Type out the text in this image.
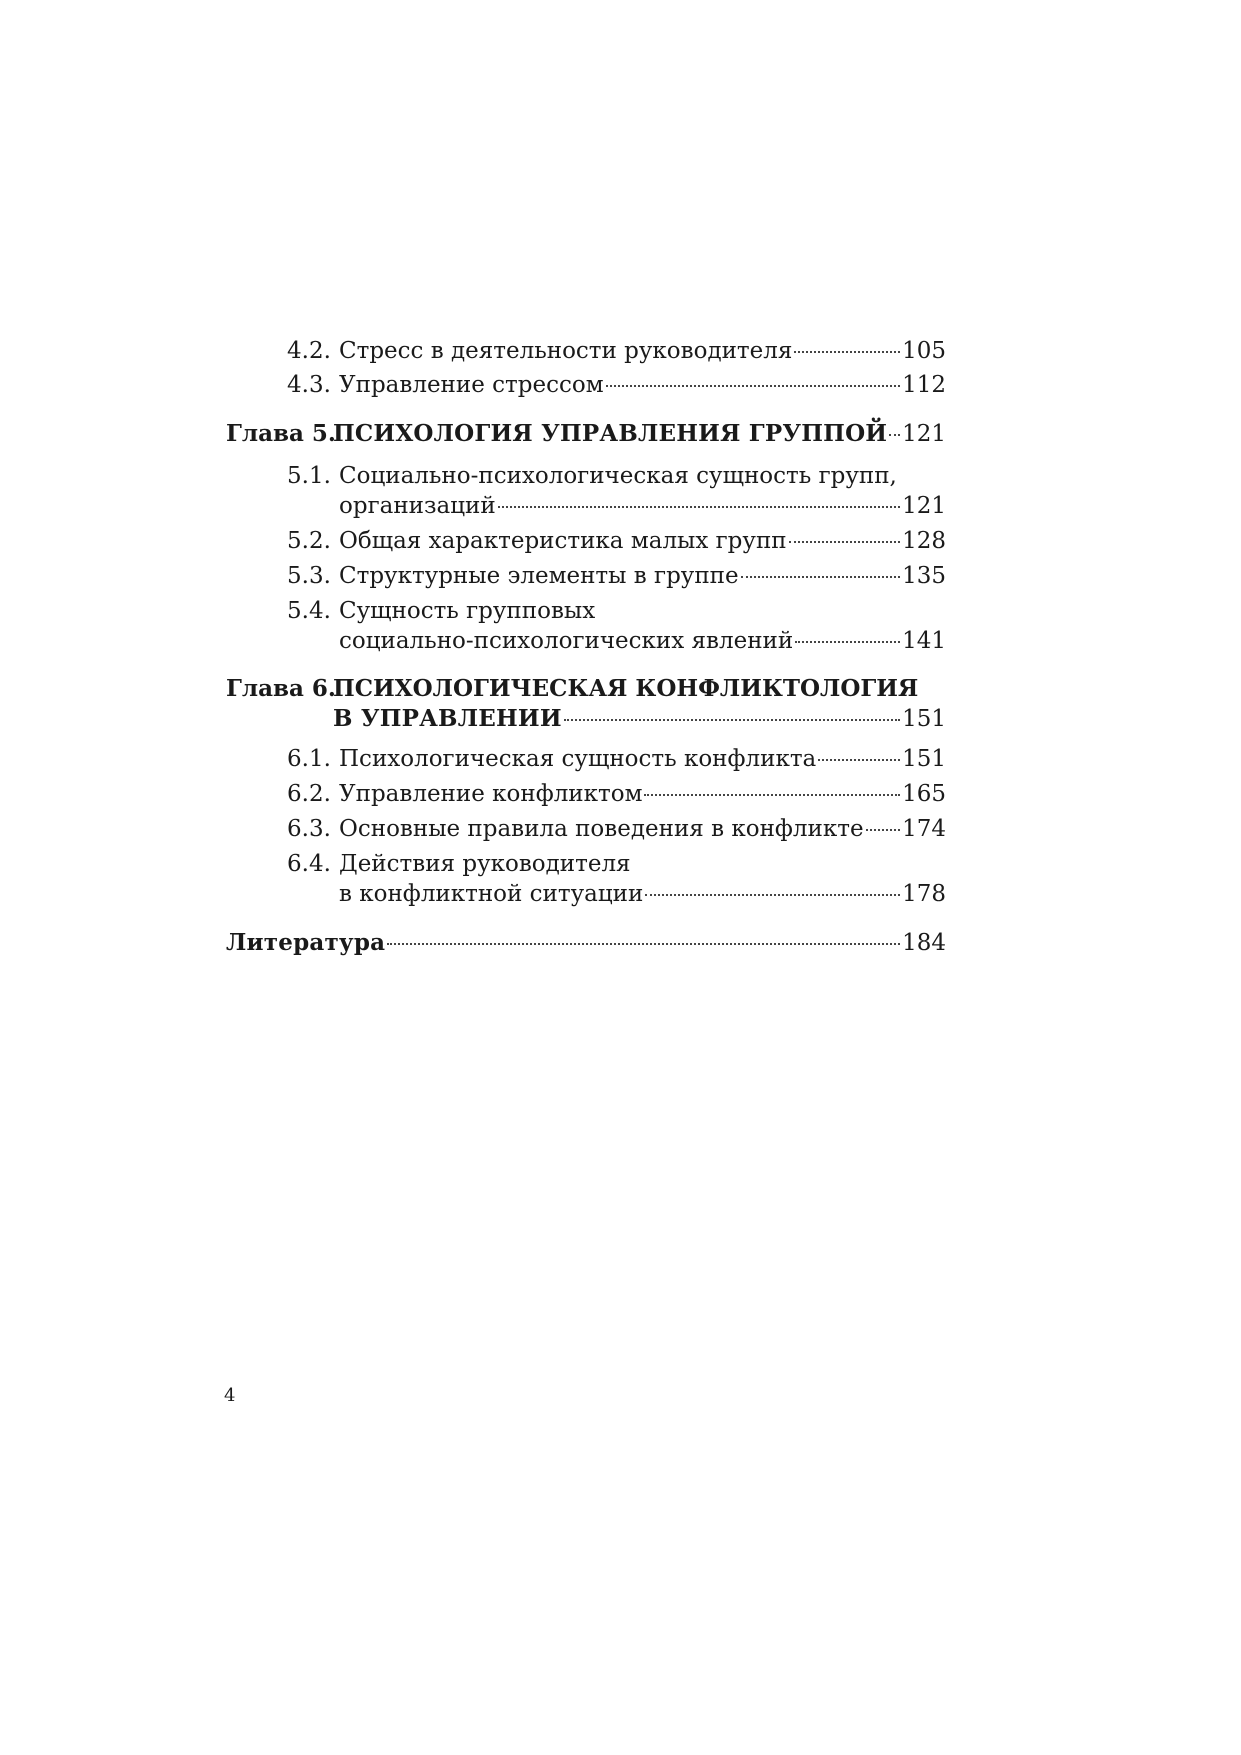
4.2. Стресс в деятельности руководителя	105
4.3. Управление стрессом	112
Глава 5.
ПСИХОЛОГИЯ УПРАВЛЕНИЯ ГРУППОЙ 121
5.1. Социально-психологическая сущность групп,
организаций	121
5.2. Общая характеристика малых групп	128
5.3. Структурные элементы в группе	135
5.4. Сущность групповых
социально-психологических явлений	141
Глава 6.
ПСИХОЛОГИЧЕСКАЯ КОНФЛИКТОЛОГИЯ
В УПРАВЛЕНИИ	151
6.1. Психологическая сущность конфликта	151
6.2. Управление конфликтом	165
6.3. Основные правила поведения в конфликте 174
6.4. Действия руководителя
в конфликтной ситуации	178
Литература	184
4
